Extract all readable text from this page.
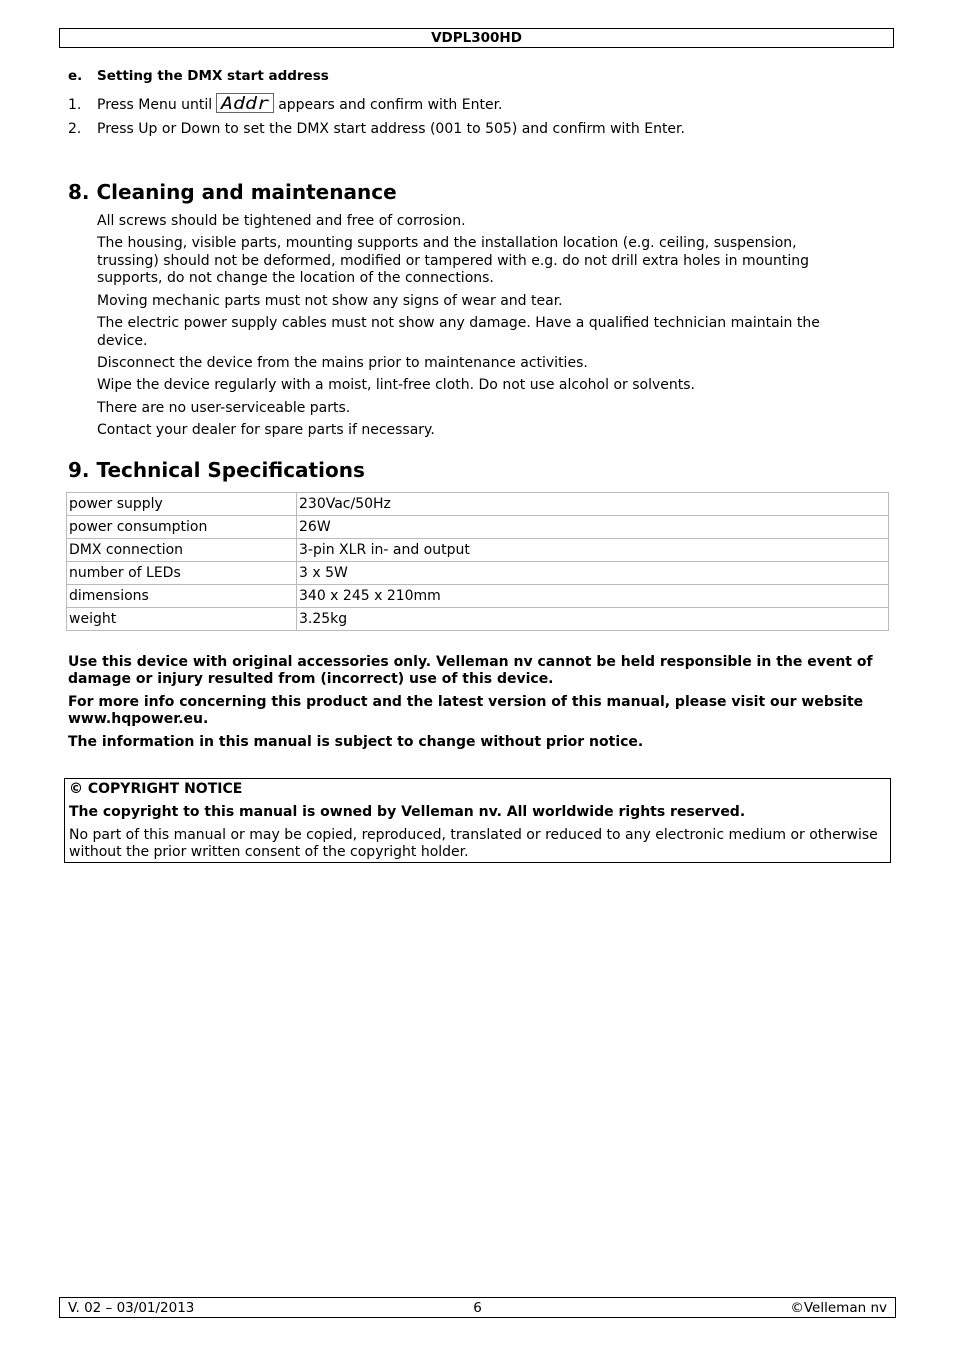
VDPL300HD
e. Setting the DMX start address
1. Press Menu until Addr appears and confirm with Enter.
2. Press Up or Down to set the DMX start address (001 to 505) and confirm with Enter.
8. Cleaning and maintenance

All screws should be tightened and free of corrosion.

The housing, visible parts, mounting supports and the installation location (e.g. ceiling, suspension, trussing) should not be deformed, modified or tampered with e.g. do not drill extra holes in mounting supports, do not change the location of the connections.

Moving mechanic parts must not show any signs of wear and tear.

The electric power supply cables must not show any damage. Have a qualified technician maintain the device.

Disconnect the device from the mains prior to maintenance activities.

Wipe the device regularly with a moist, lint-free cloth. Do not use alcohol or solvents.

There are no user-serviceable parts.

Contact your dealer for spare parts if necessary.

9. Technical Specifications
power supply	230Vac/50Hz
power consumption	26W
DMX connection	3-pin XLR in- and output
number of LEDs	3 x 5W
dimensions	340 x 245 x 210mm
weight	3.25kg

Use this device with original accessories only. Velleman nv cannot be held responsible in the event of damage or injury resulted from (incorrect) use of this device.

For more info concerning this product and the latest version of this manual, please visit our website www.hqpower.eu.

The information in this manual is subject to change without prior notice.

© COPYRIGHT NOTICE
The copyright to this manual is owned by Velleman nv. All worldwide rights reserved.
No part of this manual or may be copied, reproduced, translated or reduced to any electronic medium or otherwise without the prior written consent of the copyright holder.
V. 02 – 03/01/2013	6	©Velleman nv
